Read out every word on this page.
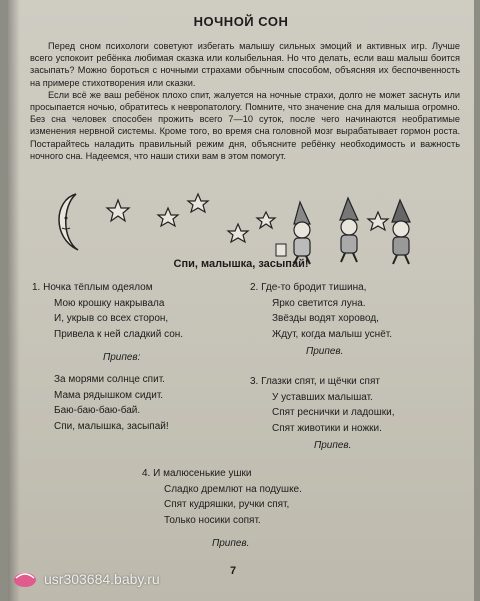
НОЧНОЙ СОН

Перед сном психологи советуют избегать малышу сильных эмоций и активных игр. Лучше всего успокоит ребёнка любимая сказка или колыбельная. Но что делать, если ваш малыш боится засыпать? Можно бороться с ночными страхами обычным способом, объясняя их беспочвенность на примере стихотворения или сказки.

Если всё же ваш ребёнок плохо спит, жалуется на ночные страхи, долго не может заснуть или просыпается ночью, обратитесь к невропатологу. Помните, что значение сна для малыша огромно. Без сна человек способен прожить всего 7—10 суток, после чего начинаются необратимые изменения нервной системы. Кроме того, во время сна головной мозг вырабатывает гормон роста. Постарайтесь наладить правильный режим дня, объясните ребёнку необходимость и важность ночного сна. Надеемся, что наши стихи вам в этом помогут.

Спи, малышка, засыпай!
1. Ночка тёплым одеялом
Мою крошку накрывала
И, укрыв со всех сторон,
Привела к ней сладкий сон.
2. Где-то бродит тишина,
Ярко светится луна.
Звёзды водят хоровод,
Ждут, когда малыш уснёт.
Припев:
Припев.
За морями солнце спит.
Мама рядышком сидит.
Баю-баю-баю-бай.
Спи, малышка, засыпай!
3. Глазки спят, и щёчки спят
У уставших малышат.
Спят реснички и ладошки,
Спят животики и ножки.
Припев.
4. И малюсенькие ушки
Сладко дремлют на подушке.
Спят кудряшки, ручки спят,
Только носики сопят.
Припев.
7
usr303684.baby.ru
